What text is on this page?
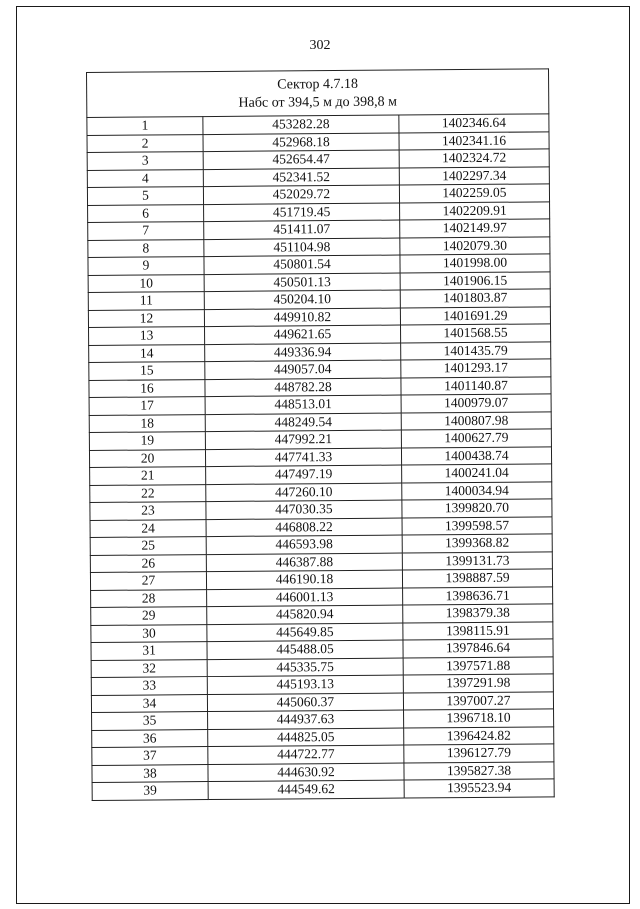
302
Сектор 4.7.18
Набс от 394,5 м до 398,8 м		

1	453282.28	1402346.64
2	452968.18	1402341.16
3	452654.47	1402324.72
4	452341.52	1402297.34
5	452029.72	1402259.05
6	451719.45	1402209.91
7	451411.07	1402149.97
8	451104.98	1402079.30
9	450801.54	1401998.00
10	450501.13	1401906.15
11	450204.10	1401803.87
12	449910.82	1401691.29
13	449621.65	1401568.55
14	449336.94	1401435.79
15	449057.04	1401293.17
16	448782.28	1401140.87
17	448513.01	1400979.07
18	448249.54	1400807.98
19	447992.21	1400627.79
20	447741.33	1400438.74
21	447497.19	1400241.04
22	447260.10	1400034.94
23	447030.35	1399820.70
24	446808.22	1399598.57
25	446593.98	1399368.82
26	446387.88	1399131.73
27	446190.18	1398887.59
28	446001.13	1398636.71
29	445820.94	1398379.38
30	445649.85	1398115.91
31	445488.05	1397846.64
32	445335.75	1397571.88
33	445193.13	1397291.98
34	445060.37	1397007.27
35	444937.63	1396718.10
36	444825.05	1396424.82
37	444722.77	1396127.79
38	444630.92	1395827.38
39	444549.62	1395523.94
